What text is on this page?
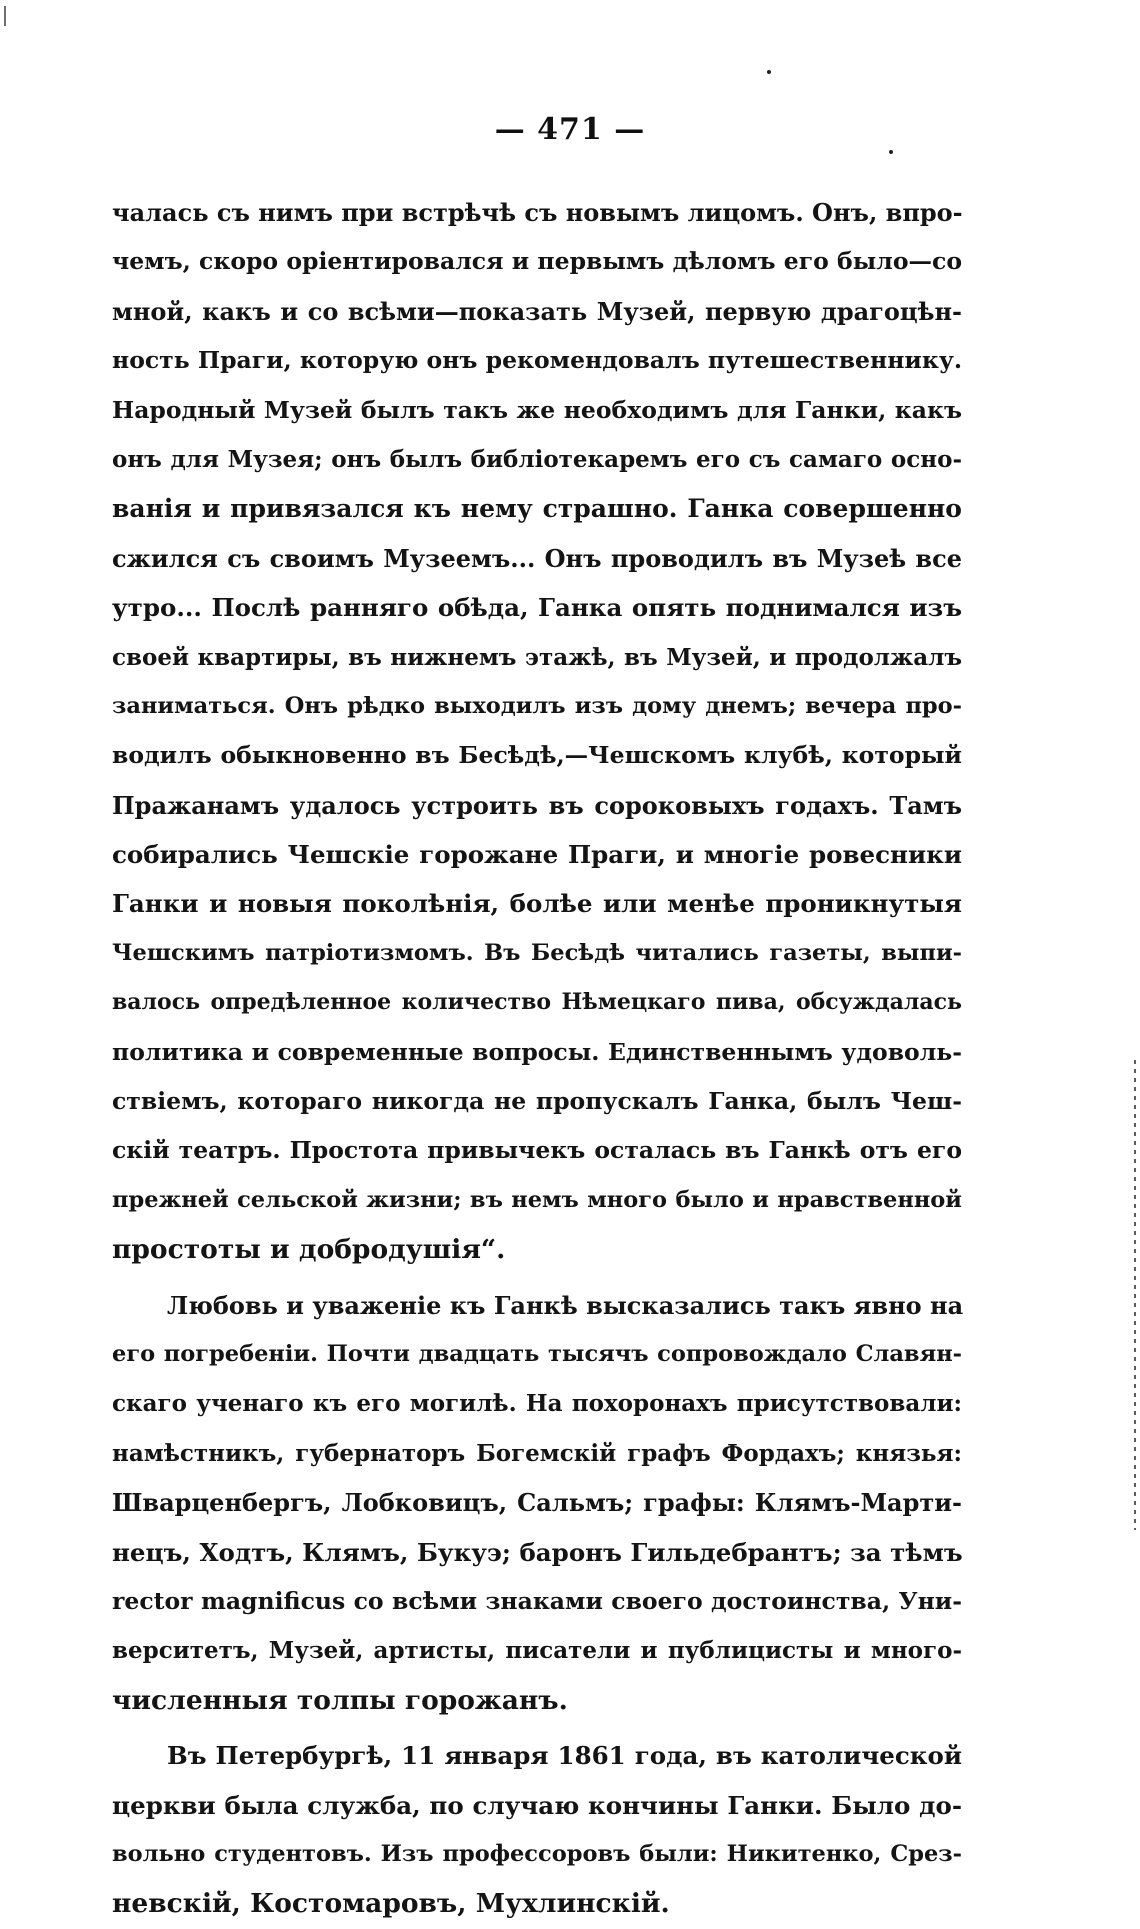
— 471 —
чалась съ нимъ при встрѣчѣ съ новымъ лицомъ. Онъ, впро-
чемъ, скоро оріентировался и первымъ дѣломъ его было—со
мной, какъ и со всѣми—показать Музей, первую драгоцѣн-
ность Праги, которую онъ рекомендовалъ путешественнику.
Народный Музей былъ такъ же необходимъ для Ганки, какъ
онъ для Музея; онъ былъ библіотекаремъ его съ самаго осно-
ванія и привязался къ нему страшно. Ганка совершенно
сжился съ своимъ Музеемъ... Онъ проводилъ въ Музеѣ все
утро... Послѣ ранняго обѣда, Ганка опять поднимался изъ
своей квартиры, въ нижнемъ этажѣ, въ Музей, и продолжалъ
заниматься. Онъ рѣдко выходилъ изъ дому днемъ; вечера про-
водилъ обыкновенно въ Бесѣдѣ,—Чешскомъ клубѣ, который
Пражанамъ удалось устроить въ сороковыхъ годахъ. Тамъ
собирались Чешскіе горожане Праги, и многіе ровесники
Ганки и новыя поколѣнія, болѣе или менѣе проникнутыя
Чешскимъ патріотизмомъ. Въ Бесѣдѣ читались газеты, выпи-
валось опредѣленное количество Нѣмецкаго пива, обсуждалась
политика и современные вопросы. Единственнымъ удоволь-
ствіемъ, котораго никогда не пропускалъ Ганка, былъ Чеш-
скій театръ. Простота привычекъ осталась въ Ганкѣ отъ его
прежней сельской жизни; въ немъ много было и нравственной
простоты и добродушія“.
Любовь и уваженіе къ Ганкѣ высказались такъ явно на
его погребеніи. Почти двадцать тысячъ сопровождало Славян-
скаго ученаго къ его могилѣ. На похоронахъ присутствовали:
намѣстникъ, губернаторъ Богемскій графъ Фордахъ; князья:
Шварценбергъ, Лобковицъ, Сальмъ; графы: Клямъ-Марти-
нецъ, Ходтъ, Клямъ, Букуэ; баронъ Гильдебрантъ; за тѣмъ
rector magnificus со всѣми знаками своего достоинства, Уни-
верситетъ, Музей, артисты, писатели и публицисты и много-
численныя толпы горожанъ.
Въ Петербургѣ, 11 января 1861 года, въ католической
церкви была служба, по случаю кончины Ганки. Было до-
вольно студентовъ. Изъ профессоровъ были: Никитенко, Срез-
невскій, Костомаровъ, Мухлинскій.
